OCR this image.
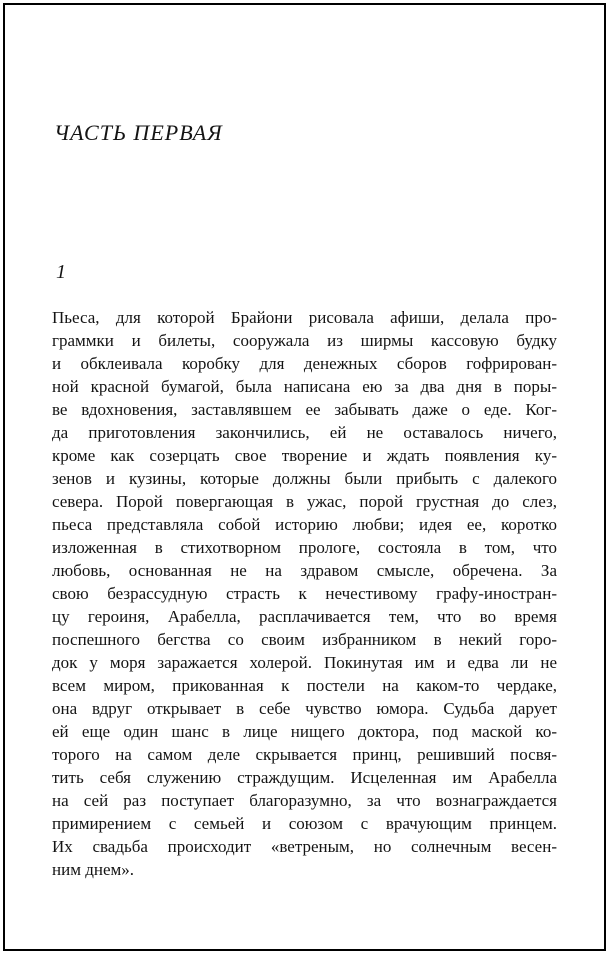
ЧАСТЬ ПЕРВАЯ
1
Пьеса, для которой Брайони рисовала афиши, делала про-
граммки и билеты, сооружала из ширмы кассовую будку
и обклеивала коробку для денежных сборов гофрирован-
ной красной бумагой, была написана ею за два дня в поры-
ве вдохновения, заставлявшем ее забывать даже о еде. Ког-
да приготовления закончились, ей не оставалось ничего,
кроме как созерцать свое творение и ждать появления ку-
зенов и кузины, которые должны были прибыть с далекого
севера. Порой повергающая в ужас, порой грустная до слез,
пьеса представляла собой историю любви; идея ее, коротко
изложенная в стихотворном прологе, состояла в том, что
любовь, основанная не на здравом смысле, обречена. За
свою безрассудную страсть к нечестивому графу-иностран-
цу героиня, Арабелла, расплачивается тем, что во время
поспешного бегства со своим избранником в некий горо-
док у моря заражается холерой. Покинутая им и едва ли не
всем миром, прикованная к постели на каком-то чердаке,
она вдруг открывает в себе чувство юмора. Судьба дарует
ей еще один шанс в лице нищего доктора, под маской ко-
торого на самом деле скрывается принц, решивший посвя-
тить себя служению страждущим. Исцеленная им Арабелла
на сей раз поступает благоразумно, за что вознаграждается
примирением с семьей и союзом с врачующим принцем.
Их свадьба происходит «ветреным, но солнечным весен-
ним днем».
